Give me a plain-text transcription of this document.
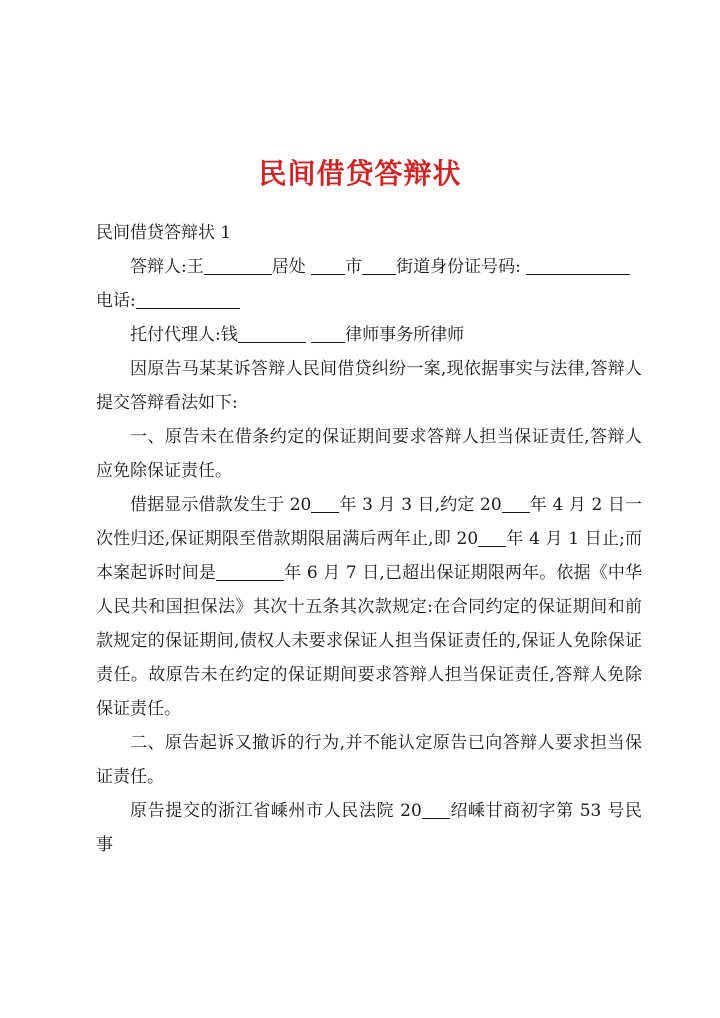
民间借贷答辩状

民间借贷答辩状 1

答辩人:王	居处 市 街道身份证号码:

电话:

托付代理人:钱	律师事务所律师

因原告马某某诉答辩人民间借贷纠纷一案,现依据事实与法律,答辩人提交答辩看法如下:

一、原告未在借条约定的保证期间要求答辩人担当保证责任,答辩人应免除保证责任。

借据显示借款发生于 20 年 3 月 3 日,约定 20 年 4 月 2 日一次性归还,保证期限至借款期限届满后两年止,即 20 年 4 月 1 日止;而本案起诉时间是	年 6 月 7 日,已超出保证期限两年。依据《中华人民共和国担保法》其次十五条其次款规定:在合同约定的保证期间和前款规定的保证期间,债权人未要求保证人担当保证责任的,保证人免除保证责任。故原告未在约定的保证期间要求答辩人担当保证责任,答辩人免除保证责任。

二、原告起诉又撤诉的行为,并不能认定原告已向答辩人要求担当保证责任。

原告提交的浙江省嵊州市人民法院 20 绍嵊甘商初字第 53 号民事
